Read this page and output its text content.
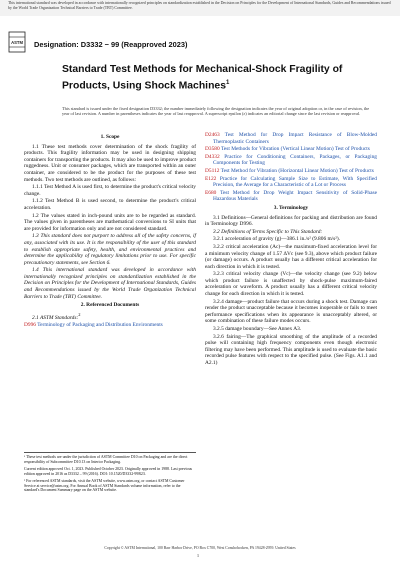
This international standard was developed in accordance with internationally recognized principles on standardization established in the Decision on Principles for the Development of International Standards, Guides and Recommendations issued by the World Trade Organization Technical Barriers to Trade (TBT) Committee.
ASTM Designation: D3332 − 99 (Reapproved 2023)
Standard Test Methods for Mechanical-Shock Fragility of Products, Using Shock Machines$^1$
This standard is issued under the fixed designation D3332; the number immediately following the designation indicates the year of original adoption or, in the case of revision, the year of last revision. A number in parentheses indicates the year of last reapproval. A superscript epsilon (ε) indicates an editorial change since the last revision or reapproval.
1. Scope
1.1 These test methods cover determination of the shock fragility of products. This fragility information may be used in designing shipping containers for transporting the products. It may also be used to improve product ruggedness. Unit or consumer packages, which are transported within an outer container, are considered to be the product for the purposes of these test methods. Two test methods are outlined, as follows:
1.1.1 Test Method A is used first, to determine the product's critical velocity change.
1.1.2 Test Method B is used second, to determine the product's critical acceleration.
1.2 The values stated in inch-pound units are to be regarded as standard. The values given in parentheses are mathematical conversions to SI units that are provided for information only and are not considered standard.
1.3 This standard does not purport to address all of the safety concerns, if any, associated with its use. It is the responsibility of the user of this standard to establish appropriate safety, health, and environmental practices and determine the applicability of regulatory limitations prior to use. For specific precautionary statements, see Section 6.
1.4 This international standard was developed in accordance with internationally recognized principles on standardization established in the Decision on Principles for the Development of International Standards, Guides and Recommendations issued by the World Trade Organization Technical Barriers to Trade (TBT) Committee.
2. Referenced Documents
2.1 ASTM Standards:$^2$
D996 Terminology of Packaging and Distribution Environments
¹ These test methods are under the jurisdiction of ASTM Committee D10 on Packaging and are the direct responsibility of Subcommittee D10.13 on Interior Packaging.
Current edition approved Oct. 1, 2023. Published October 2023. Originally approved in 1988. Last previous edition approved in 2016 as D3332 – 99 (2016). DOI: 10.1520/D3332-99R23.
² For referenced ASTM standards, visit the ASTM website, www.astm.org, or contact ASTM Customer Service at service@astm.org. For Annual Book of ASTM Standards volume information, refer to the standard's Document Summary page on the ASTM website.
D2463 Test Method for Drop Impact Resistance of Blow-Molded Thermoplastic Containers
D3580 Test Methods for Vibration (Vertical Linear Motion) Test of Products
D4332 Practice for Conditioning Containers, Packages, or Packaging Components for Testing
D5112 Test Method for Vibration (Horizontal Linear Motion) Test of Products
E122 Practice for Calculating Sample Size to Estimate, With Specified Precision, the Average for a Characteristic of a Lot or Process
E680 Test Method for Drop Weight Impact Sensitivity of Solid-Phase Hazardous Materials
3. Terminology
3.1 Definitions—General definitions for packing and distribution are found in Terminology D996.
3.2 Definitions of Terms Specific to This Standard:
3.2.1 acceleration of gravity (g)—386.1 in./s² (9.806 m/s²).
3.2.2 critical acceleration (Ac)—the maximum-fixed acceleration level for a minimum velocity change of 1.57 ΔVc (see 9.3), above which product failure (or damage) occurs. A product usually has a different critical acceleration for each direction in which it is tested.
3.2.3 critical velocity change (Vc)—the velocity change (see 9.2) below which product failure is unaffected by shock-pulse maximum-faired acceleration or waveform. A product usually has a different critical velocity change for each direction in which it is tested.
3.2.4 damage—product failure that occurs during a shock test. Damage can render the product unacceptable because it becomes inoperable or fails to meet performance specifications when its appearance is unacceptably altered, or some combination of these failure modes occurs.
3.2.5 damage boundary—See Annex A3.
3.2.6 fairing—The graphical smoothing of the amplitude of a recorded pulse will containing high frequency components even though electronic filtering may have been performed. This amplitude is used to evaluate the basic recorded pulse features with respect to the specified pulse. (See Figs. A1.1 and A2.1)
Copyright © ASTM International, 100 Barr Harbor Drive, PO Box C700, West Conshohocken, PA 19428-2959. United States
1
